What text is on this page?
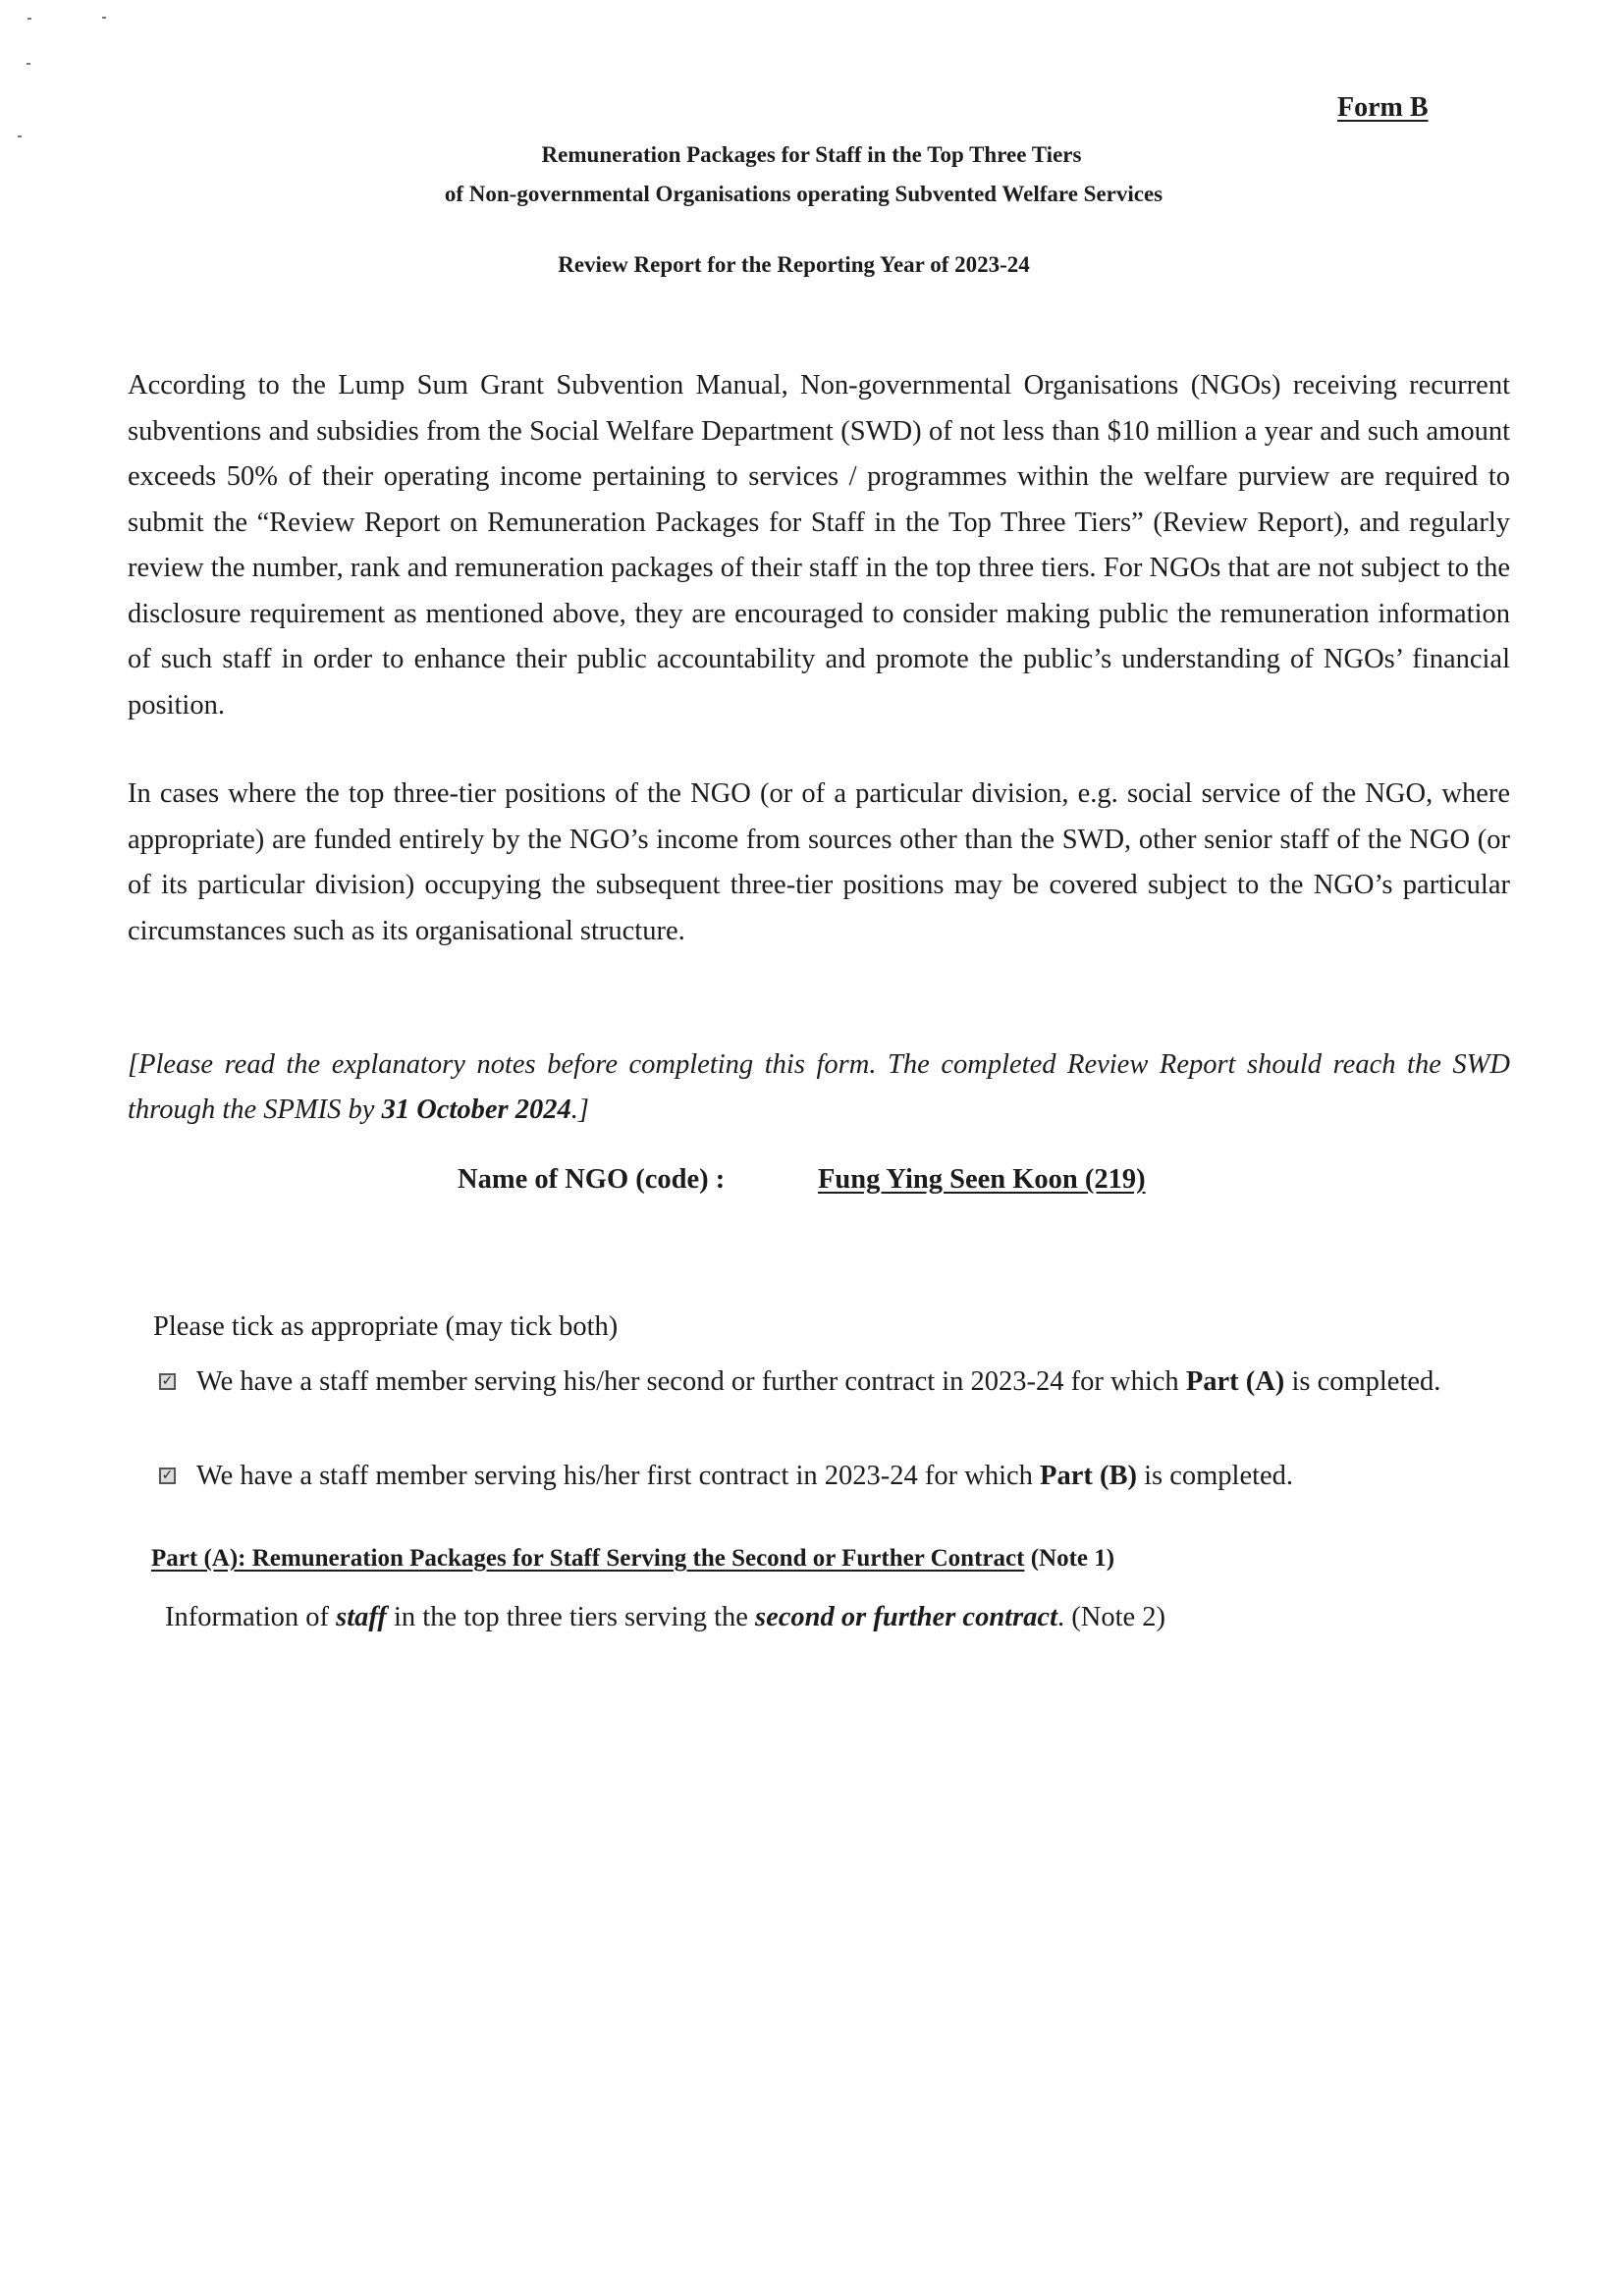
Form B
Remuneration Packages for Staff in the Top Three Tiers
of Non-governmental Organisations operating Subvented Welfare Services
Review Report for the Reporting Year of 2023-24

According to the Lump Sum Grant Subvention Manual, Non-governmental Organisations (NGOs) receiving recurrent subventions and subsidies from the Social Welfare Department (SWD) of not less than $10 million a year and such amount exceeds 50% of their operating income pertaining to services / programmes within the welfare purview are required to submit the “Review Report on Remuneration Packages for Staff in the Top Three Tiers” (Review Report), and regularly review the number, rank and remuneration packages of their staff in the top three tiers. For NGOs that are not subject to the disclosure requirement as mentioned above, they are encouraged to consider making public the remuneration information of such staff in order to enhance their public accountability and promote the public’s understanding of NGOs’ financial position.

In cases where the top three-tier positions of the NGO (or of a particular division, e.g. social service of the NGO, where appropriate) are funded entirely by the NGO’s income from sources other than the SWD, other senior staff of the NGO (or of its particular division) occupying the subsequent three-tier positions may be covered subject to the NGO’s particular circumstances such as its organisational structure.

[Please read the explanatory notes before completing this form. The completed Review Report should reach the SWD through the SPMIS by 31 October 2024.]

Name of NGO (code) :	Fung Ying Seen Koon (219)
Please tick as appropriate (may tick both)
✓ We have a staff member serving his/her second or further contract in 2023-24 for which Part (A) is completed.
✓ We have a staff member serving his/her first contract in 2023-24 for which Part (B) is completed.
Part (A): Remuneration Packages for Staff Serving the Second or Further Contract (Note 1)
Information of staff in the top three tiers serving the second or further contract. (Note 2)
